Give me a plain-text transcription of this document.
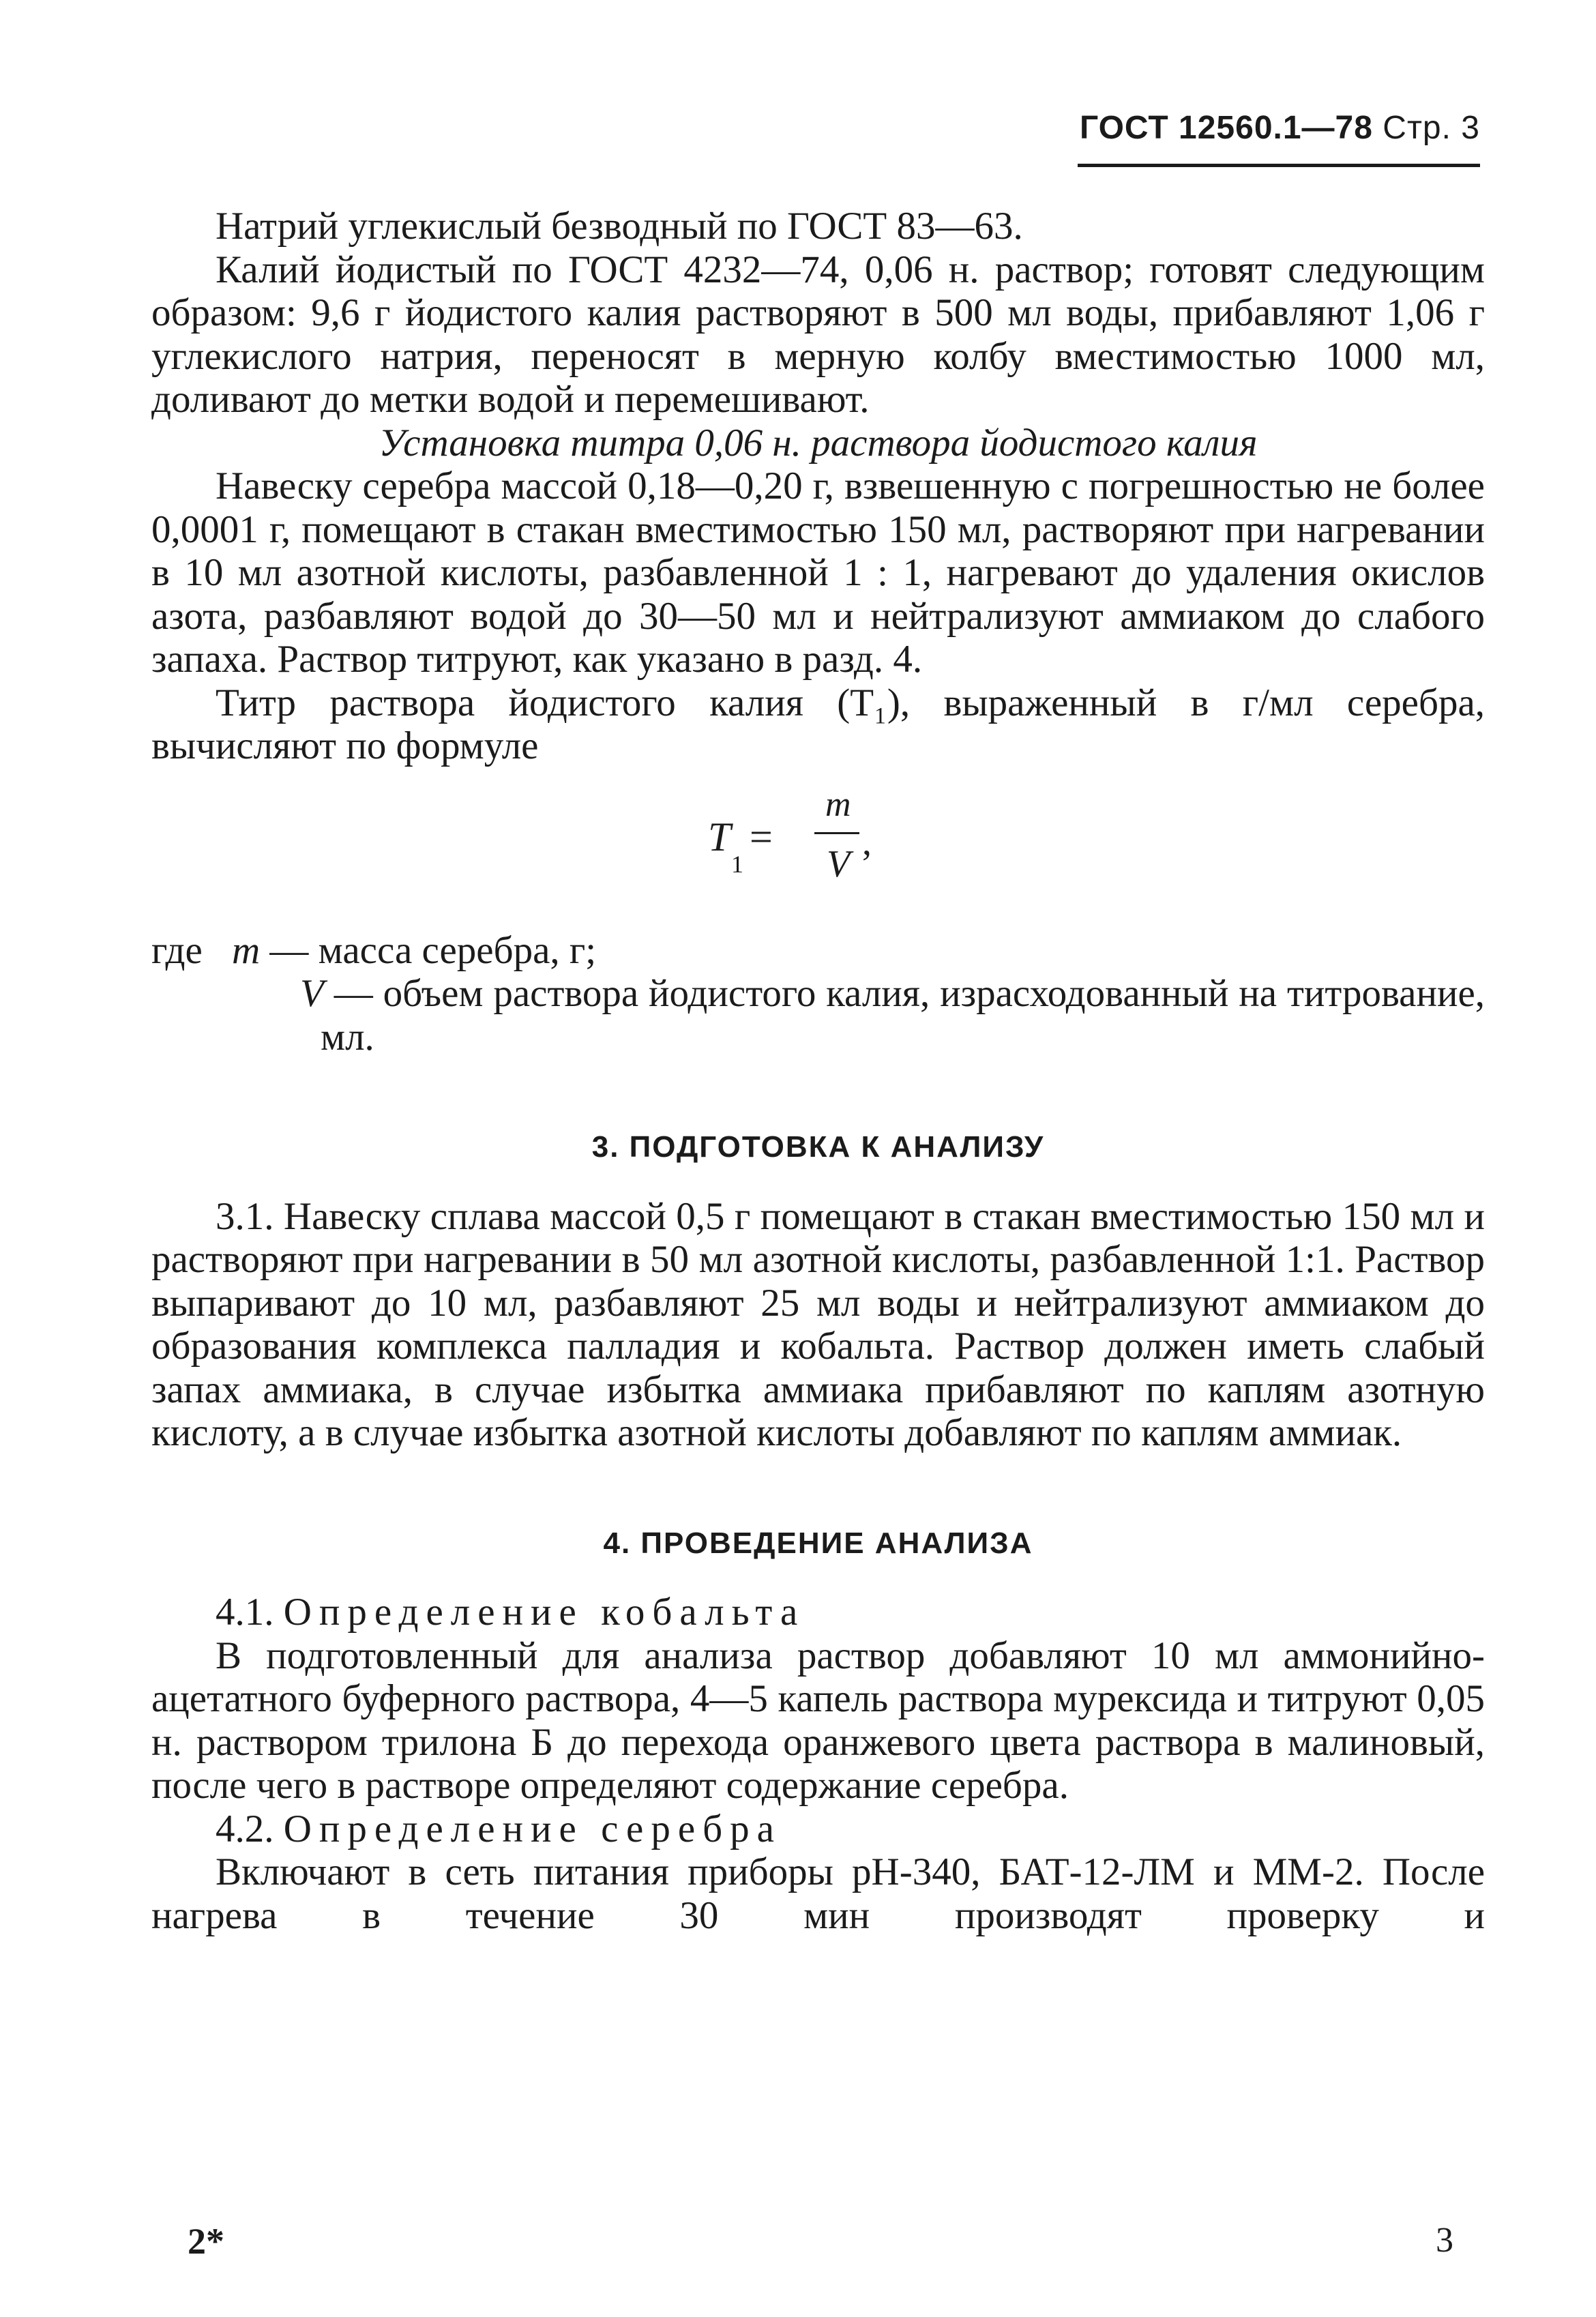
ГОСТ 12560.1—78 Стр. 3

Натрий углекислый безводный по ГОСТ 83—63.

Калий йодистый по ГОСТ 4232—74, 0,06 н. раствор; готовят следующим образом: 9,6 г йодистого калия растворяют в 500 мл воды, прибавляют 1,06 г углекислого натрия, переносят в мерную колбу вместимостью 1000 мл, доливают до метки водой и перемешивают.

Установка титра 0,06 н. раствора йодистого калия

Навеску серебра массой 0,18—0,20 г, взвешенную с погрешностью не более 0,0001 г, помещают в стакан вместимостью 150 мл, растворяют при нагревании в 10 мл азотной кислоты, разбавленной 1 : 1, нагревают до удаления окислов азота, разбавляют водой до 30—50 мл и нейтрализуют аммиаком до слабого запаха. Раствор титруют, как указано в разд. 4.

Титр раствора йодистого калия (T₁), выраженный в г/мл серебра, вычисляют по формуле

T
1
=
m
V
,
где m — масса серебра, г;

V — объем раствора йодистого калия, израсходованный на титрование, мл.

3. ПОДГОТОВКА К АНАЛИЗУ

3.1. Навеску сплава массой 0,5 г помещают в стакан вместимостью 150 мл и растворяют при нагревании в 50 мл азотной кислоты, разбавленной 1:1. Раствор выпаривают до 10 мл, разбавляют 25 мл воды и нейтрализуют аммиаком до образования комплекса палладия и кобальта. Раствор должен иметь слабый запах аммиака, в случае избытка аммиака прибавляют по каплям азотную кислоту, а в случае избытка азотной кислоты добавляют по каплям аммиак.

4. ПРОВЕДЕНИЕ АНАЛИЗА

4.1. Определение кобальта

В подготовленный для анализа раствор добавляют 10 мл аммонийно-ацетатного буферного раствора, 4—5 капель раствора мурексида и титруют 0,05 н. раствором трилона Б до перехода оранжевого цвета раствора в малиновый, после чего в растворе определяют содержание серебра.

4.2. Определение серебра

Включают в сеть питания приборы pH-340, БАТ-12-ЛМ и ММ-2. После нагрева в течение 30 мин производят проверку и

2*	3
